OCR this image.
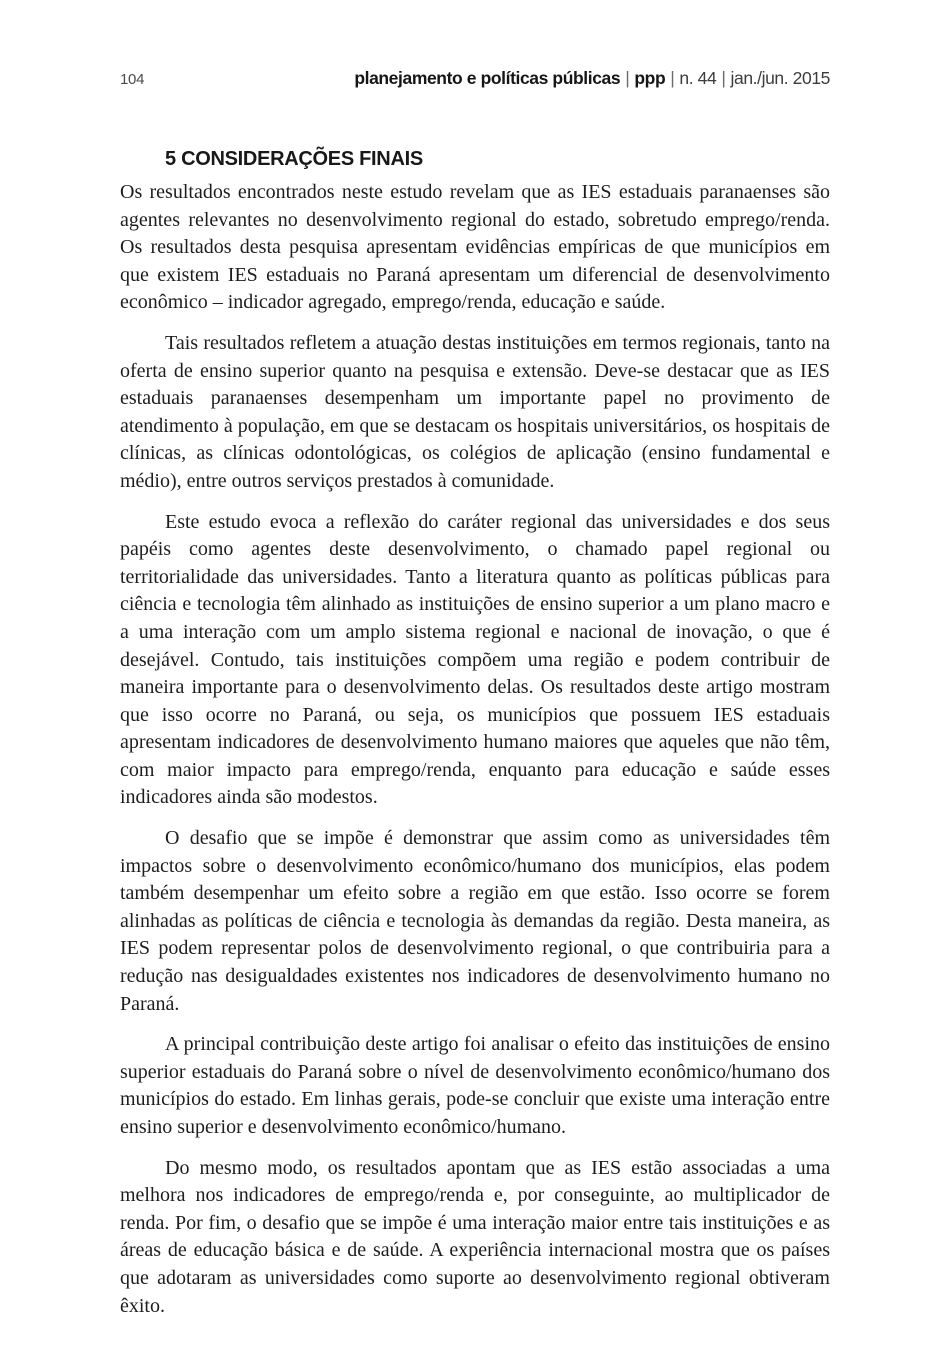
104	planejamento e políticas públicas | ppp | n. 44 | jan./jun. 2015
5 CONSIDERAÇÕES FINAIS

Os resultados encontrados neste estudo revelam que as IES estaduais paranaenses são agentes relevantes no desenvolvimento regional do estado, sobretudo emprego/renda. Os resultados desta pesquisa apresentam evidências empíricas de que municípios em que existem IES estaduais no Paraná apresentam um diferencial de desenvolvimento econômico – indicador agregado, emprego/renda, educação e saúde.

Tais resultados refletem a atuação destas instituições em termos regionais, tanto na oferta de ensino superior quanto na pesquisa e extensão. Deve-se destacar que as IES estaduais paranaenses desempenham um importante papel no provimento de atendimento à população, em que se destacam os hospitais universitários, os hospitais de clínicas, as clínicas odontológicas, os colégios de aplicação (ensino fundamental e médio), entre outros serviços prestados à comunidade.

Este estudo evoca a reflexão do caráter regional das universidades e dos seus papéis como agentes deste desenvolvimento, o chamado papel regional ou territorialidade das universidades. Tanto a literatura quanto as políticas públicas para ciência e tecnologia têm alinhado as instituições de ensino superior a um plano macro e a uma interação com um amplo sistema regional e nacional de inovação, o que é desejável. Contudo, tais instituições compõem uma região e podem contribuir de maneira importante para o desenvolvimento delas. Os resultados deste artigo mostram que isso ocorre no Paraná, ou seja, os municípios que possuem IES estaduais apresentam indicadores de desenvolvimento humano maiores que aqueles que não têm, com maior impacto para emprego/renda, enquanto para educação e saúde esses indicadores ainda são modestos.

O desafio que se impõe é demonstrar que assim como as universidades têm impactos sobre o desenvolvimento econômico/humano dos municípios, elas podem também desempenhar um efeito sobre a região em que estão. Isso ocorre se forem alinhadas as políticas de ciência e tecnologia às demandas da região. Desta maneira, as IES podem representar polos de desenvolvimento regional, o que contribuiria para a redução nas desigualdades existentes nos indicadores de desenvolvimento humano no Paraná.

A principal contribuição deste artigo foi analisar o efeito das instituições de ensino superior estaduais do Paraná sobre o nível de desenvolvimento econômico/humano dos municípios do estado. Em linhas gerais, pode-se concluir que existe uma interação entre ensino superior e desenvolvimento econômico/humano.

Do mesmo modo, os resultados apontam que as IES estão associadas a uma melhora nos indicadores de emprego/renda e, por conseguinte, ao multiplicador de renda. Por fim, o desafio que se impõe é uma interação maior entre tais instituições e as áreas de educação básica e de saúde. A experiência internacional mostra que os países que adotaram as universidades como suporte ao desenvolvimento regional obtiveram êxito.
